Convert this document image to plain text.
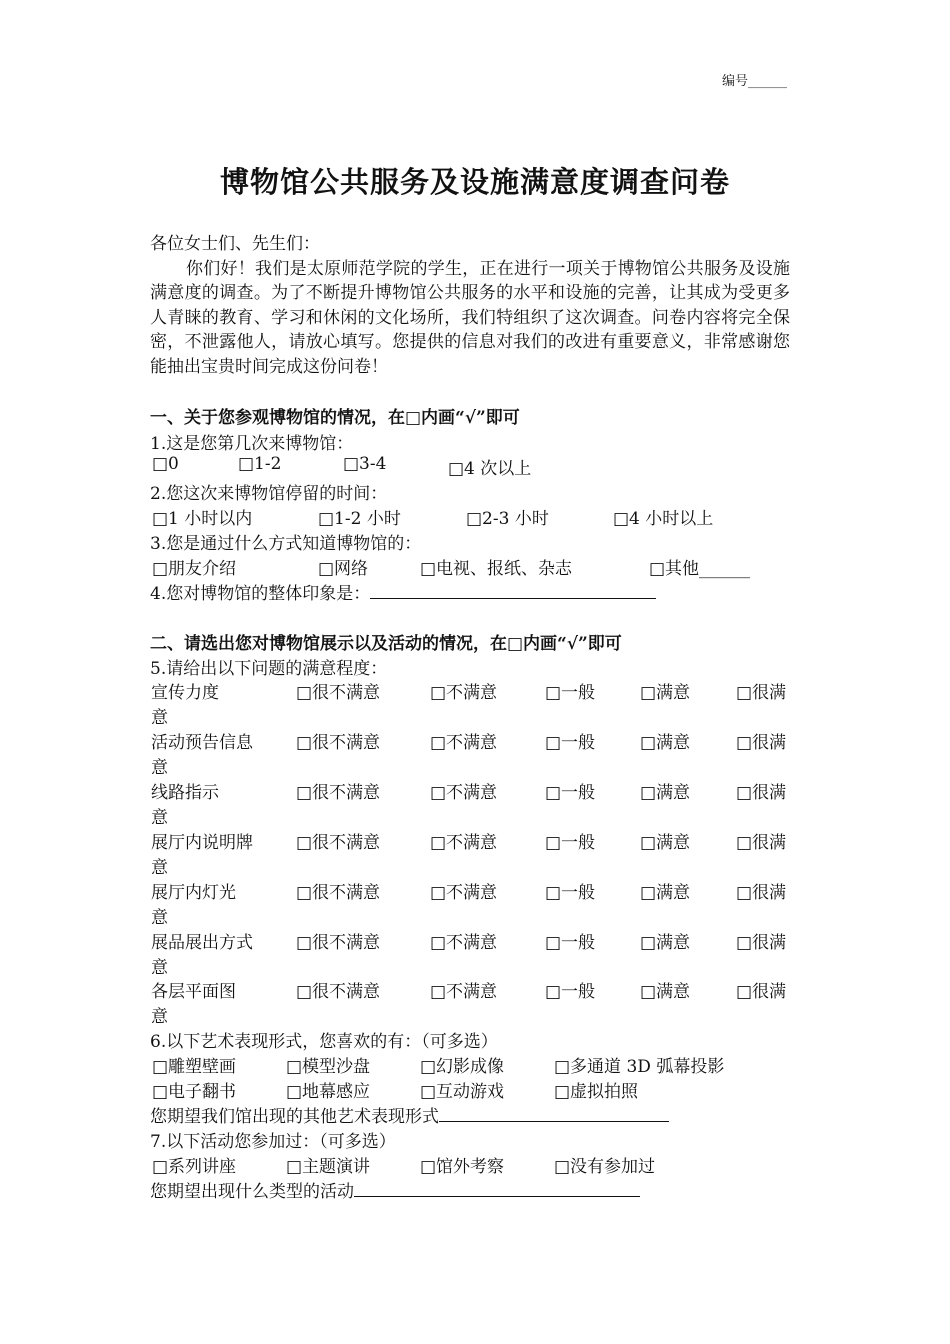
编号______
博物馆公共服务及设施满意度调查问卷

各位女士们、先生们：

你们好！我们是太原师范学院的学生，正在进行一项关于博物馆公共服务及设施满意度的调查。为了不断提升博物馆公共服务的水平和设施的完善，让其成为受更多人青睐的教育、学习和休闲的文化场所，我们特组织了这次调查。问卷内容将完全保密，不泄露他人，请放心填写。您提供的信息对我们的改进有重要意义，非常感谢您能抽出宝贵时间完成这份问卷！

一、关于您参观博物馆的情况，在□内画“√”即可
1.这是您第几次来博物馆：
□0	□1-2	□3-4	□4 次以上
2.您这次来博物馆停留的时间：
□1 小时以内	□1-2 小时	□2-3 小时	□4 小时以上
3.您是通过什么方式知道博物馆的：
□朋友介绍	□网络	□电视、报纸、杂志	□其他______
4.您对博物馆的整体印象是：
二、请选出您对博物馆展示以及活动的情况，在□内画“√”即可
5.请给出以下问题的满意程度：
宣传力度	□很不满意	□不满意	□一般	□满意	□很满
意
活动预告信息	□很不满意	□不满意	□一般	□满意	□很满
意
线路指示	□很不满意	□不满意	□一般	□满意	□很满
意
展厅内说明牌	□很不满意	□不满意	□一般	□满意	□很满
意
展厅内灯光	□很不满意	□不满意	□一般	□满意	□很满
意
展品展出方式	□很不满意	□不满意	□一般	□满意	□很满
意
各层平面图	□很不满意	□不满意	□一般	□满意	□很满
意
6.以下艺术表现形式，您喜欢的有：（可多选）
□雕塑壁画	□模型沙盘	□幻影成像	□多通道 3D 弧幕投影
□电子翻书	□地幕感应	□互动游戏	□虚拟拍照
您期望我们馆出现的其他艺术表现形式
7.以下活动您参加过：（可多选）
□系列讲座	□主题演讲	□馆外考察	□没有参加过
您期望出现什么类型的活动
